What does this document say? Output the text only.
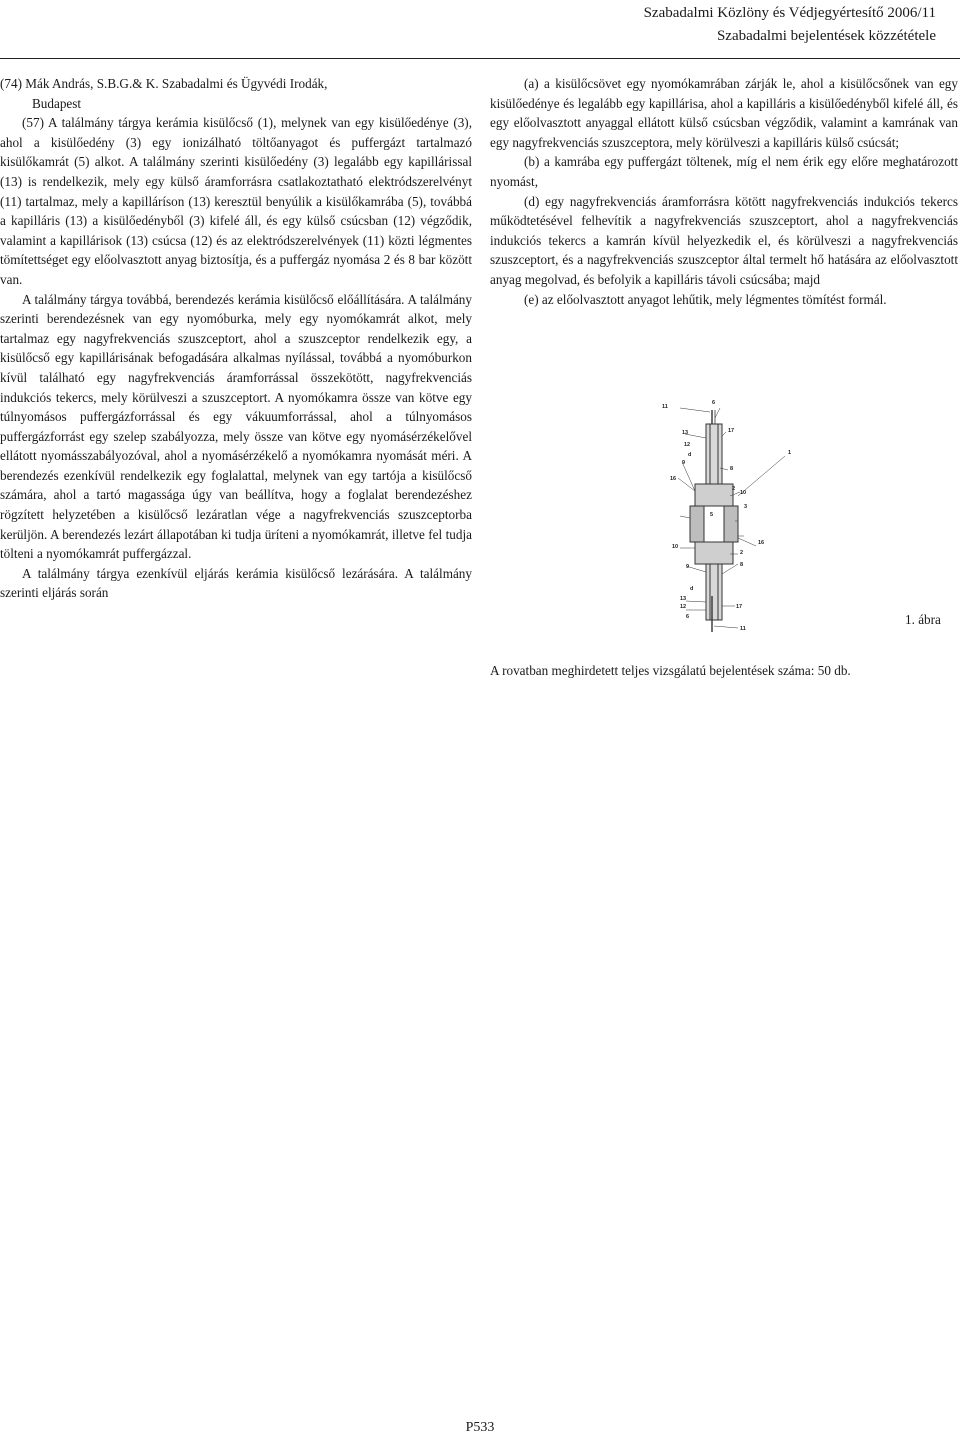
Szabadalmi Közlöny és Védjegyértesítő 2006/11
Szabadalmi bejelentések közzététele

(74) Mák András, S.B.G.& K. Szabadalmi és Ügyvédi Irodák,
Budapest

(57) A találmány tárgya kerámia kisülőcső (1), melynek van egy kisülőedénye (3), ahol a kisülőedény (3) egy ionizálható töltőanyagot és puffergázt tartalmazó kisülőkamrát (5) alkot. A találmány szerinti kisülőedény (3) legalább egy kapillárissal (13) is rendelkezik, mely egy külső áramforrásra csatlakoztatható elektródszerelvényt (11) tartalmaz, mely a kapilláríson (13) keresztül benyúlik a kisülőkamrába (5), továbbá a kapilláris (13) a kisülőedényből (3) kifelé áll, és egy külső csúcsban (12) végződik, valamint a kapillárisok (13) csúcsa (12) és az elektródszerelvények (11) közti légmentes tömítettséget egy előolvasztott anyag biztosítja, és a puffergáz nyomása 2 és 8 bar között van.

A találmány tárgya továbbá, berendezés kerámia kisülőcső előállítására. A találmány szerinti berendezésnek van egy nyomóburka, mely egy nyomókamrát alkot, mely tartalmaz egy nagyfrekvenciás szuszceptort, ahol a szuszceptor rendelkezik egy, a kisülőcső egy kapillárisának befogadására alkalmas nyílással, továbbá a nyomóburkon kívül található egy nagyfrekvenciás áramforrással összekötött, nagyfrekvenciás indukciós tekercs, mely körülveszi a szuszceptort. A nyomókamra össze van kötve egy túlnyomásos puffergázforrással és egy vákuumforrással, ahol a túlnyomásos puffergázforrást egy szelep szabályozza, mely össze van kötve egy nyomásérzékelővel ellátott nyomásszabályozóval, ahol a nyomásérzékelő a nyomókamra nyomását méri. A berendezés ezenkívül rendelkezik egy foglalattal, melynek van egy tartója a kisülőcső számára, ahol a tartó magassága úgy van beállítva, hogy a foglalat berendezéshez rögzített helyzetében a kisülőcső lezáratlan vége a nagyfrekvenciás szuszceptorba kerüljön. A berendezés lezárt állapotában ki tudja üríteni a nyomókamrát, illetve fel tudja tölteni a nyomókamrát puffergázzal.

A találmány tárgya ezenkívül eljárás kerámia kisülőcső lezárására. A találmány szerinti eljárás során

(a) a kisülőcsövet egy nyomókamrában zárják le, ahol a kisülőcsőnek van egy kisülőedénye és legalább egy kapillárisa, ahol a kapilláris a kisülőedényből kifelé áll, és egy előolvasztott anyaggal ellátott külső csúcsban végződik, valamint a kamrának van egy nagyfrekvenciás szuszceptora, mely körülveszi a kapilláris külső csúcsát;

(b) a kamrába egy puffergázt töltenek, míg el nem érik egy előre meghatározott nyomást,

(d) egy nagyfrekvenciás áramforrásra kötött nagyfrekvenciás indukciós tekercs működtetésével felhevítik a nagyfrekvenciás szuszceptort, ahol a nagyfrekvenciás indukciós tekercs a kamrán kívül helyezkedik el, és körülveszi a nagyfrekvenciás szuszceptort, és a nagyfrekvenciás szuszceptor által termelt hő hatására az előolvasztott anyag megolvad, és befolyik a kapilláris távoli csúcsába; majd

(e) az előolvasztott anyagot lehűtik, mely légmentes tömítést formál.

11
6
13	17
12
d
8
9
2
1
16
10
3
5
16
10
2
9	8
d
13
12	17
6
11
1. ábra
A rovatban meghirdetett teljes vizsgálatú bejelentések száma: 50 db.
P533
